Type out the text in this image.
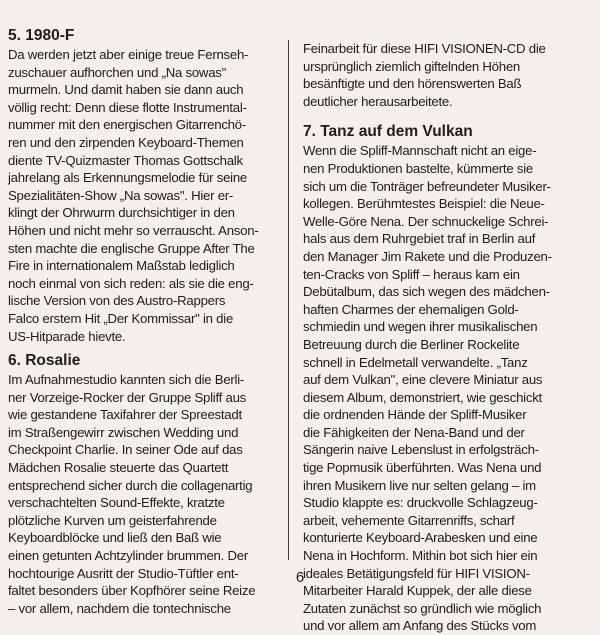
5. 1980-F
Da werden jetzt aber einige treue Fernseh-
zuschauer aufhorchen und „Na sowas"
murmeln. Und damit haben sie dann auch
völlig recht: Denn diese flotte Instrumental-
nummer mit den energischen Gitarrenchö-
ren und den zirpenden Keyboard-Themen
diente TV-Quizmaster Thomas Gottschalk
jahrelang als Erkennungsmelodie für seine
Spezialitäten-Show „Na sowas". Hier er-
klingt der Ohrwurm durchsichtiger in den
Höhen und nicht mehr so verrauscht. Anson-
sten machte die englische Gruppe After The
Fire in internationalem Maßstab lediglich
noch einmal von sich reden: als sie die eng-
lische Version von des Austro-Rappers
Falco erstem Hit „Der Kommissar" in die
US-Hitparade hievte.
6. Rosalie
Im Aufnahmestudio kannten sich die Berli-
ner Vorzeige-Rocker der Gruppe Spliff aus
wie gestandene Taxifahrer der Spreestadt
im Straßengewirr zwischen Wedding und
Checkpoint Charlie. In seiner Ode auf das
Mädchen Rosalie steuerte das Quartett
entsprechend sicher durch die collagenartig
verschachtelten Sound-Effekte, kratzte
plötzliche Kurven um geisterfahrende
Keyboardblöcke und ließ den Baß wie
einen getunten Achtzylinder brummen. Der
hochtourige Ausritt der Studio-Tüftler ent-
faltet besonders über Kopfhörer seine Reize
– vor allem, nachdem die tontechnische
Feinarbeit für diese HIFI VISIONEN-CD die
ursprünglich ziemlich giftelnden Höhen
besänftigte und den hörenswerten Baß
deutlicher herausarbeitete.
7. Tanz auf dem Vulkan
Wenn die Spliff-Mannschaft nicht an eige-
nen Produktionen bastelte, kümmerte sie
sich um die Tonträger befreundeter Musiker-
kollegen. Berühmtestes Beispiel: die Neue-
Welle-Göre Nena. Der schnuckelige Schrei-
hals aus dem Ruhrgebiet traf in Berlin auf
den Manager Jim Rakete und die Produzen-
ten-Cracks von Spliff – heraus kam ein
Debütalbum, das sich wegen des mädchen-
haften Charmes der ehemaligen Gold-
schmiedin und wegen ihrer musikalischen
Betreuung durch die Berliner Rockelite
schnell in Edelmetall verwandelte. „Tanz
auf dem Vulkan", eine clevere Miniatur aus
diesem Album, demonstriert, wie geschickt
die ordnenden Hände der Spliff-Musiker
die Fähigkeiten der Nena-Band und der
Sängerin naive Lebenslust in erfolgsträch-
tige Popmusik überführten. Was Nena und
ihren Musikern live nur selten gelang – im
Studio klappte es: druckvolle Schlagzeug-
arbeit, vehemente Gitarrenriffs, scharf
konturierte Keyboard-Arabesken und eine
Nena in Hochform. Mithin bot sich hier ein
ideales Betätigungsfeld für HIFI VISION-
Mitarbeiter Harald Kuppek, der alle diese
Zutaten zunächst so gründlich wie möglich
und vor allem am Anfang des Stücks vom
6
